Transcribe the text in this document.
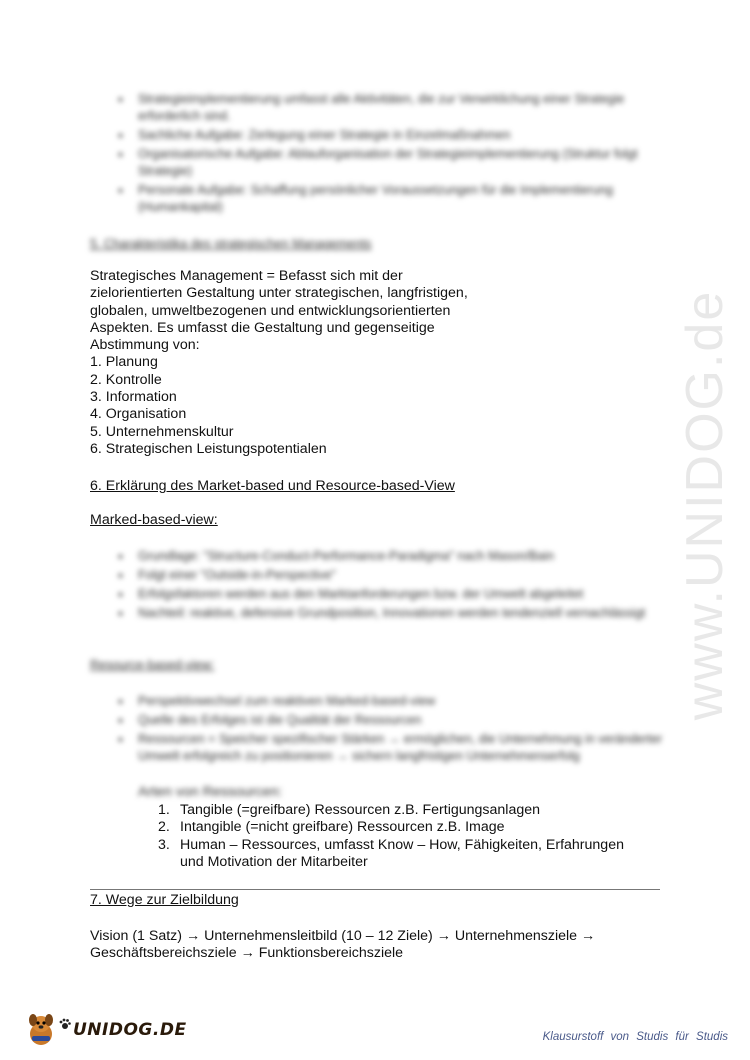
www.UNIDOG.de
• Strategieimplementierung umfasst alle Aktivitäten, die zur Verwirklichung einer Strategie erforderlich sind.
• Sachliche Aufgabe: Zerlegung einer Strategie in Einzelmaßnahmen
• Organisatorische Aufgabe: Ablauforganisation der Strategieimplementierung (Struktur folgt Strategie)
• Personale Aufgabe: Schaffung persönlicher Voraussetzungen für die Implementierung (Humankapital)
5. Charakteristika des strategischen Managements
Strategisches Management = Befasst sich mit der
zielorientierten Gestaltung unter strategischen, langfristigen,
globalen, umweltbezogenen und entwicklungsorientierten
Aspekten. Es umfasst die Gestaltung und gegenseitige
Abstimmung von:
1. Planung
2. Kontrolle
3. Information
4. Organisation
5. Unternehmenskultur
6. Strategischen Leistungspotentialen
6. Erklärung des Market-based und Resource-based-View
Marked-based-view:
• Grundlage: "Structure-Conduct-Performance-Paradigma" nach Mason/Bain
• Folgt einer "Outside-in-Perspective"
• Erfolgsfaktoren werden aus den Marktanforderungen bzw. der Umwelt abgeleitet
• Nachteil: reaktive, defensive Grundposition, Innovationen werden tendenziell vernachlässigt
Resource-based-view:
• Perspektivwechsel zum reaktiven Marked-based-view
• Quelle des Erfolges ist die Qualität der Ressourcen
• Ressourcen = Speicher spezifischer Stärken → ermöglichen, die Unternehmung in veränderter Umwelt erfolgreich zu positionieren → sichern langfristigen Unternehmenserfolg
Arten von Ressourcen:
1. Tangible (=greifbare) Ressourcen z.B. Fertigungsanlagen
2. Intangible (=nicht greifbare) Ressourcen z.B. Image
3. Human – Ressources, umfasst Know – How, Fähigkeiten, Erfahrungen
und Motivation der Mitarbeiter
7. Wege zur Zielbildung
Vision (1 Satz) → Unternehmensleitbild (10 – 12 Ziele) → Unternehmensziele →
Geschäftsbereichsziele → Funktionsbereichsziele
UNIDOG.DE	Klausurstoff von Studis für Studis
